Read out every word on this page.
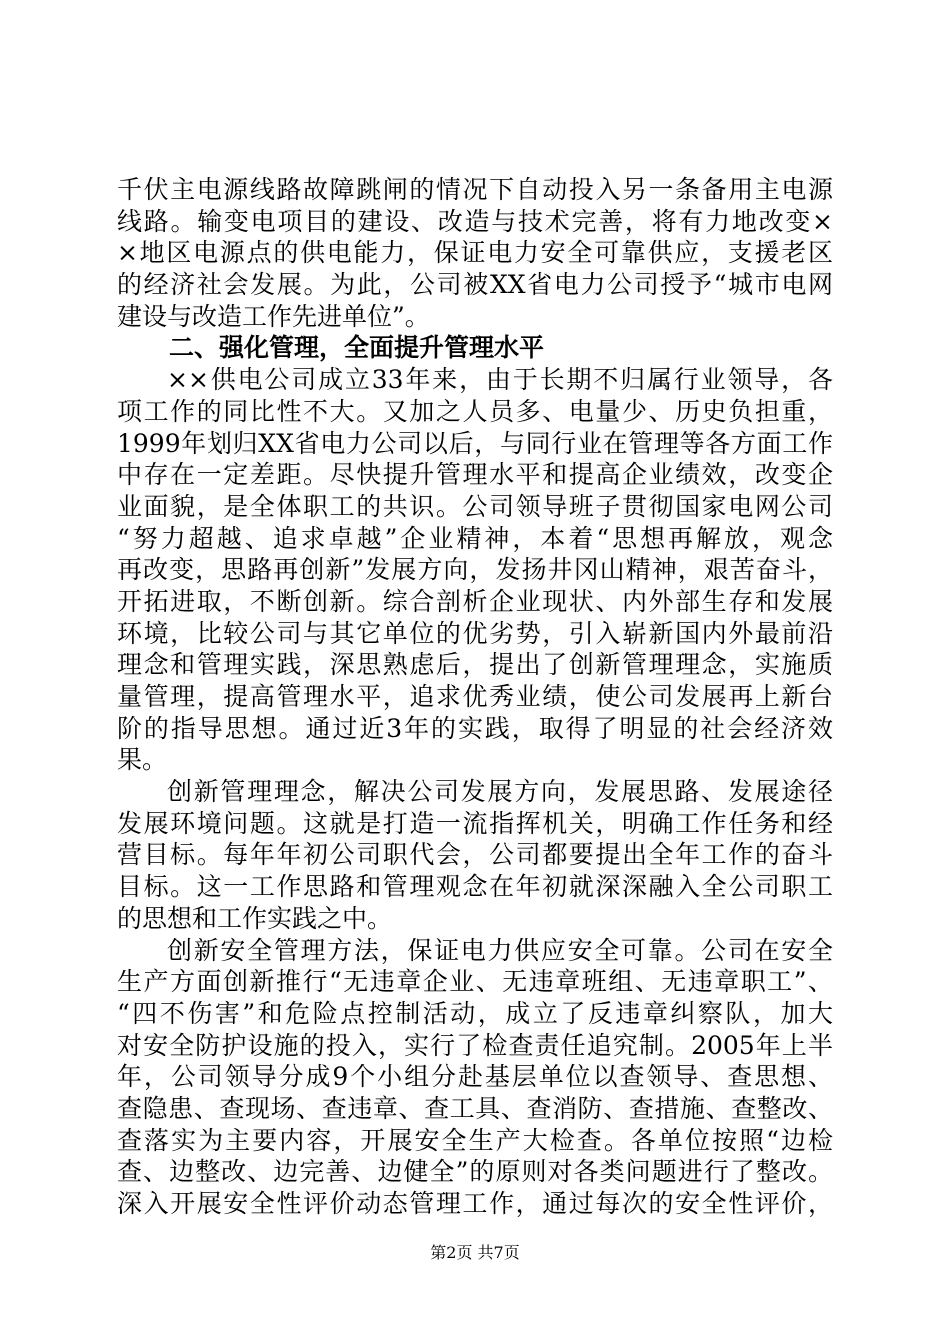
千伏主电源线路故障跳闸的情况下自动投入另一条备用主电源
线路。输变电项目的建设、改造与技术完善，将有力地改变×
×地区电源点的供电能力，保证电力安全可靠供应，支援老区
的经济社会发展。为此，公司被XX省电力公司授予“城市电网
建设与改造工作先进单位”。
二、强化管理，全面提升管理水平
××供电公司成立33年来，由于长期不归属行业领导，各
项工作的同比性不大。又加之人员多、电量少、历史负担重，
1999年划归XX省电力公司以后，与同行业在管理等各方面工作
中存在一定差距。尽快提升管理水平和提高企业绩效，改变企
业面貌，是全体职工的共识。公司领导班子贯彻国家电网公司
“努力超越、追求卓越”企业精神，本着“思想再解放，观念
再改变，思路再创新”发展方向，发扬井冈山精神，艰苦奋斗，
开拓进取，不断创新。综合剖析企业现状、内外部生存和发展
环境，比较公司与其它单位的优劣势，引入崭新国内外最前沿
理念和管理实践，深思熟虑后，提出了创新管理理念，实施质
量管理，提高管理水平，追求优秀业绩，使公司发展再上新台
阶的指导思想。通过近3年的实践，取得了明显的社会经济效
果。
创新管理理念，解决公司发展方向，发展思路、发展途径
发展环境问题。这就是打造一流指挥机关，明确工作任务和经
营目标。每年年初公司职代会，公司都要提出全年工作的奋斗
目标。这一工作思路和管理观念在年初就深深融入全公司职工
的思想和工作实践之中。
创新安全管理方法，保证电力供应安全可靠。公司在安全
生产方面创新推行“无违章企业、无违章班组、无违章职工”、
“四不伤害”和危险点控制活动，成立了反违章纠察队，加大
对安全防护设施的投入，实行了检查责任追究制。2005年上半
年，公司领导分成9个小组分赴基层单位以查领导、查思想、
查隐患、查现场、查违章、查工具、查消防、查措施、查整改、
查落实为主要内容，开展安全生产大检查。各单位按照“边检
查、边整改、边完善、边健全”的原则对各类问题进行了整改。
深入开展安全性评价动态管理工作，通过每次的安全性评价，
第2页 共7页
